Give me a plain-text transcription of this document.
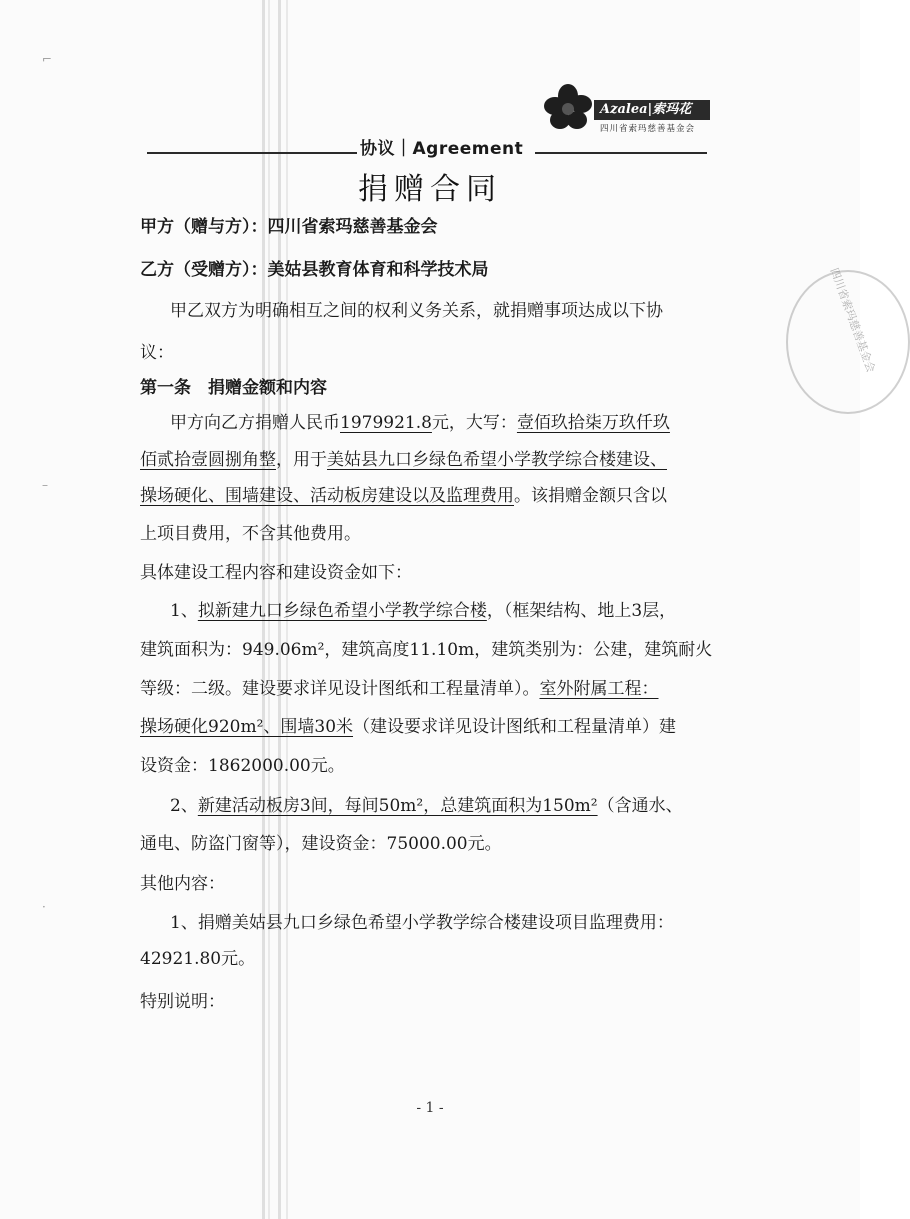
⌐
–
·
Azalea|索玛花
四川省索玛慈善基金会
协议｜Agreement
捐赠合同
甲方（赠与方）：四川省索玛慈善基金会
乙方（受赠方）：美姑县教育体育和科学技术局
甲乙双方为明确相互之间的权利义务关系，就捐赠事项达成以下协
议：
第一条　捐赠金额和内容
甲方向乙方捐赠人民币1979921.8元，大写：壹佰玖拾柒万玖仟玖
佰贰拾壹圆捌角整，用于美姑县九口乡绿色希望小学教学综合楼建设、
操场硬化、围墙建设、活动板房建设以及监理费用。该捐赠金额只含以
上项目费用，不含其他费用。
具体建设工程内容和建设资金如下：
1、拟新建九口乡绿色希望小学教学综合楼，（框架结构、地上3层，
建筑面积为：949.06m²，建筑高度11.10m，建筑类别为：公建，建筑耐火
等级：二级。建设要求详见设计图纸和工程量清单）。室外附属工程：
操场硬化920m²、围墙30米（建设要求详见设计图纸和工程量清单）建
设资金：1862000.00元。
2、新建活动板房3间，每间50m²，总建筑面积为150m²（含通水、
通电、防盗门窗等），建设资金：75000.00元。
其他内容：
1、捐赠美姑县九口乡绿色希望小学教学综合楼建设项目监理费用：
42921.80元。
特别说明：
四川省索玛慈善基金会
- 1 -
